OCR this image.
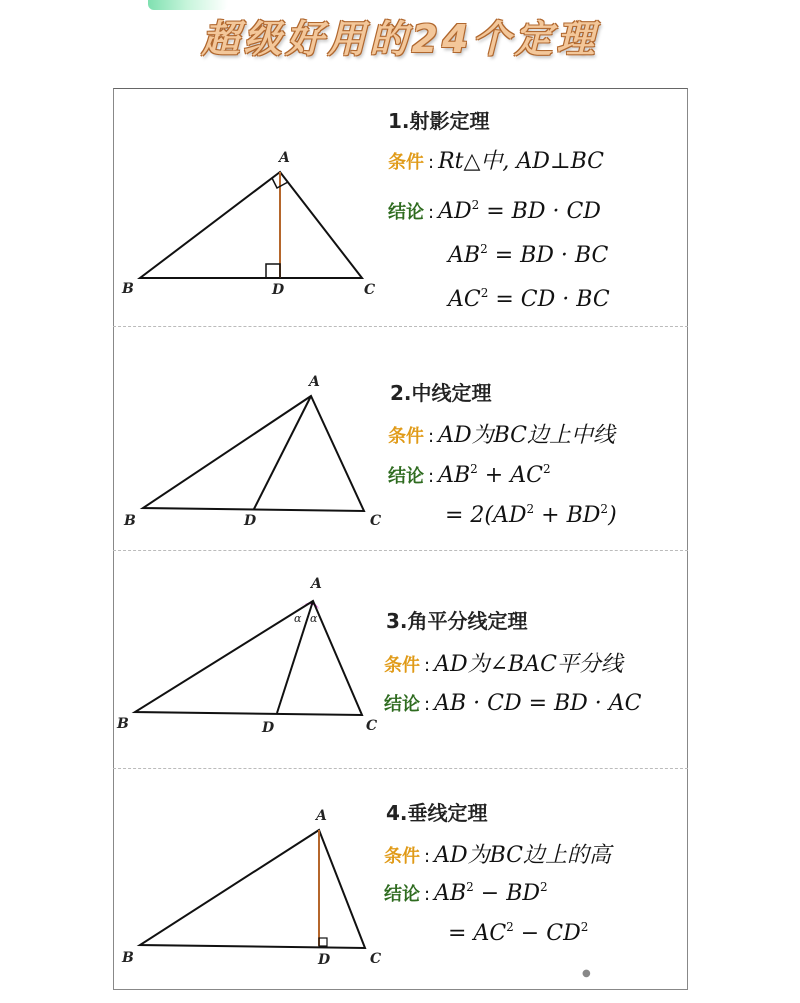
超级好用的24个定理
A
B	C
D
A
B	C
D
α α
A
B	C
D
A
B	C
D
1.射影定理
条件 : Rt△中, AD⊥BC
结论 : $AD^2$ = BD · CD
$AB^2$ = BD · BC
$AC^2$ = CD · BC
2.中线定理
条件 : AD为BC边上中线
结论 : $AB^2 + AC^2$
= $2(AD^2 + BD^2)$
3.角平分线定理
条件 : AD为∠BAC平分线
结论 : AB · CD = BD · AC
4.垂线定理
条件 : AD为BC边上的高
结论 : $AB^2 - BD^2$
= $AC^2 - CD^2$
●
